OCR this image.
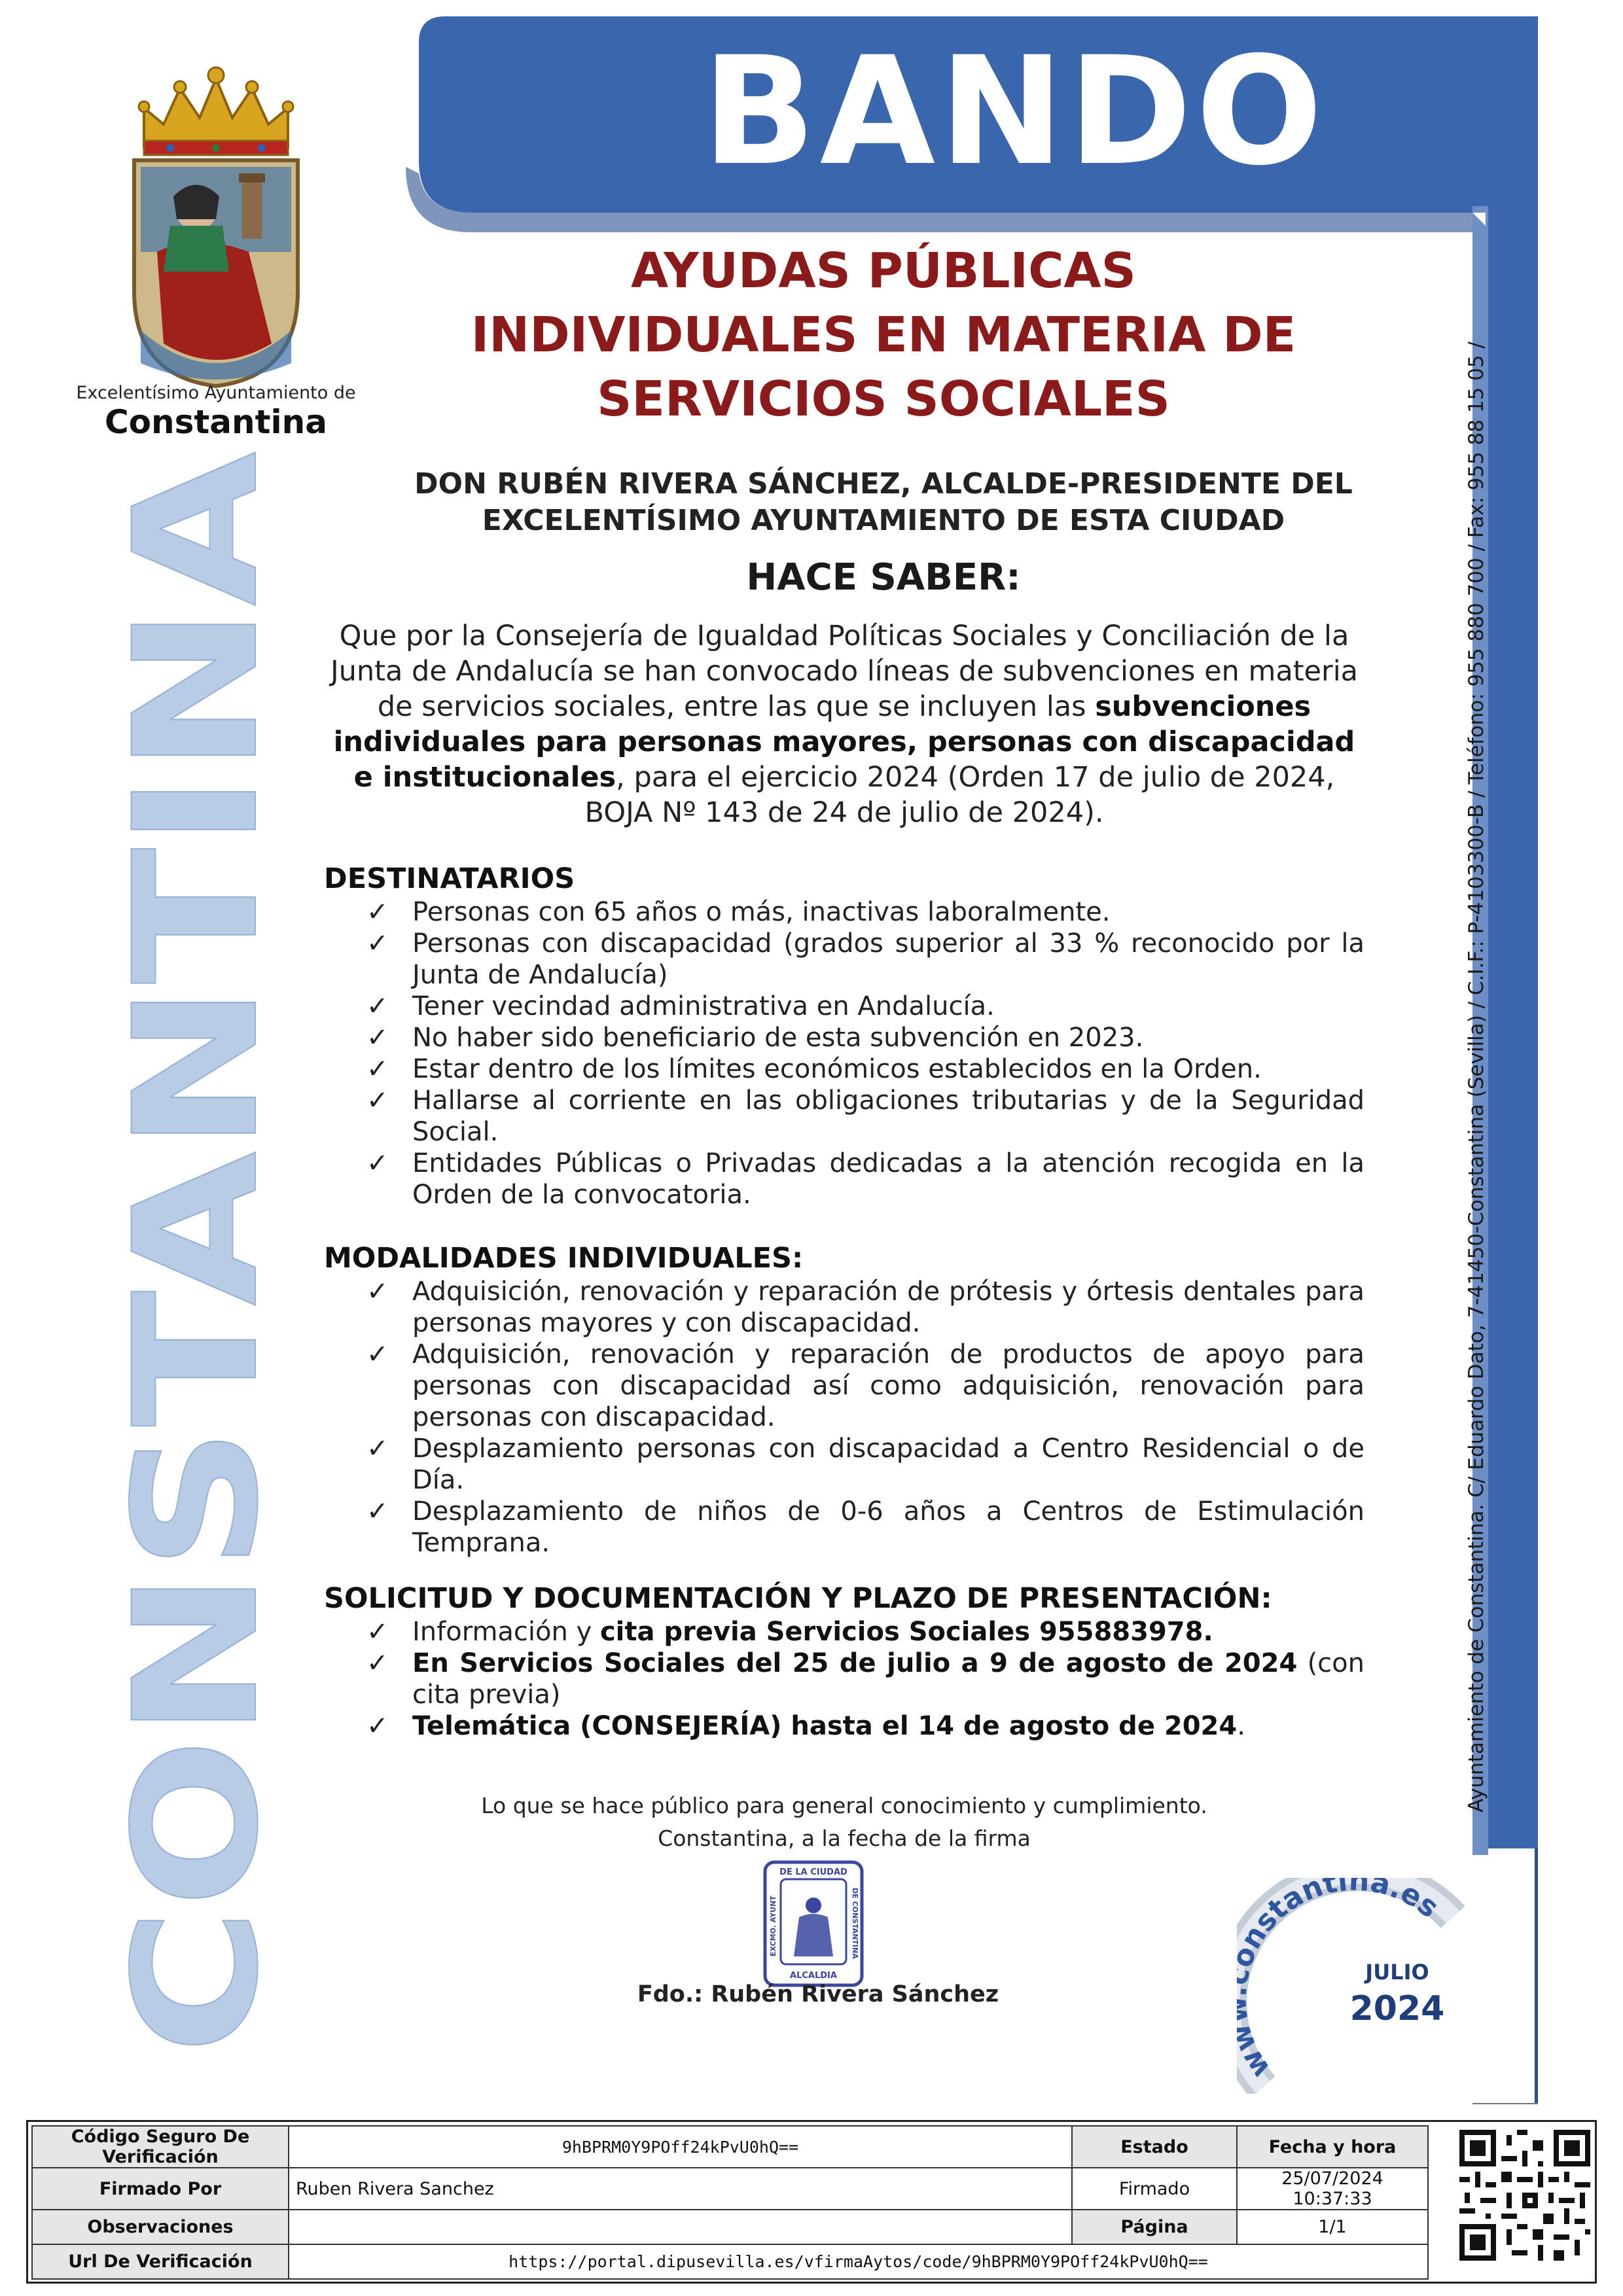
Excelentísimo Ayuntamiento de
Constantina
CONSTANTINA
BANDO
Ayuntamiento de Constantina. C/ Eduardo Dato, 7-41450-Constantina (Sevilla) / C.I.F.: P-4103300-B / Teléfono: 955 880 700 / Fax: 955 88 15 05 /
AYUDAS PÚBLICAS
INDIVIDUALES EN MATERIA DE
SERVICIOS SOCIALES
DON RUBÉN RIVERA SÁNCHEZ, ALCALDE-PRESIDENTE DEL
EXCELENTÍSIMO AYUNTAMIENTO DE ESTA CIUDAD
HACE SABER:
Que por la Consejería de Igualdad Políticas Sociales y Conciliación de la Junta de Andalucía se han convocado líneas de subvenciones en materia de servicios sociales, entre las que se incluyen las subvenciones individuales para personas mayores, personas con discapacidad e institucionales, para el ejercicio 2024 (Orden 17 de julio de 2024, BOJA Nº 143 de 24 de julio de 2024).
DESTINATARIOS
✓ Personas con 65 años o más, inactivas laboralmente.
✓ Personas con discapacidad (grados superior al 33 % reconocido por la Junta de Andalucía)
✓ Tener vecindad administrativa en Andalucía.
✓ No haber sido beneficiario de esta subvención en 2023.
✓ Estar dentro de los límites económicos establecidos en la Orden.
✓ Hallarse al corriente en las obligaciones tributarias y de la Seguridad Social.
✓ Entidades Públicas o Privadas dedicadas a la atención recogida en la Orden de la convocatoria.
MODALIDADES INDIVIDUALES:
✓ Adquisición, renovación y reparación de prótesis y órtesis dentales para personas mayores y con discapacidad.
✓ Adquisición, renovación y reparación de productos de apoyo para personas con discapacidad así como adquisición, renovación para personas con discapacidad.
✓ Desplazamiento personas con discapacidad a Centro Residencial o de Día.
✓ Desplazamiento de niños de 0-6 años a Centros de Estimulación Temprana.
SOLICITUD Y DOCUMENTACIÓN Y PLAZO DE PRESENTACIÓN:
✓ Información y cita previa Servicios Sociales 955883978.
✓ En Servicios Sociales del 25 de julio a 9 de agosto de 2024 (con cita previa)
✓ Telemática (CONSEJERÍA) hasta el 14 de agosto de 2024.
Lo que se hace público para general conocimiento y cumplimiento.
Constantina, a la fecha de la firma
DE LA CIUDAD
ALCALDIA
EXCMO. AYUNT	DE CONSTANTINA
Fdo.: Rubén Rivera Sánchez
w nstantina.es
JULIO
2024
Código Seguro De Verificación	9hBPRM0Y9POff24kPvU0hQ==	Estado	Fecha y hora
Firmado Por	Ruben Rivera Sanchez	Firmado	25/07/2024 10:37:33
Observaciones		Página	1/1
Url De Verificación	https://portal.dipusevilla.es/vfirmaAytos/code/9hBPRM0Y9POff24kPvU0hQ==		
